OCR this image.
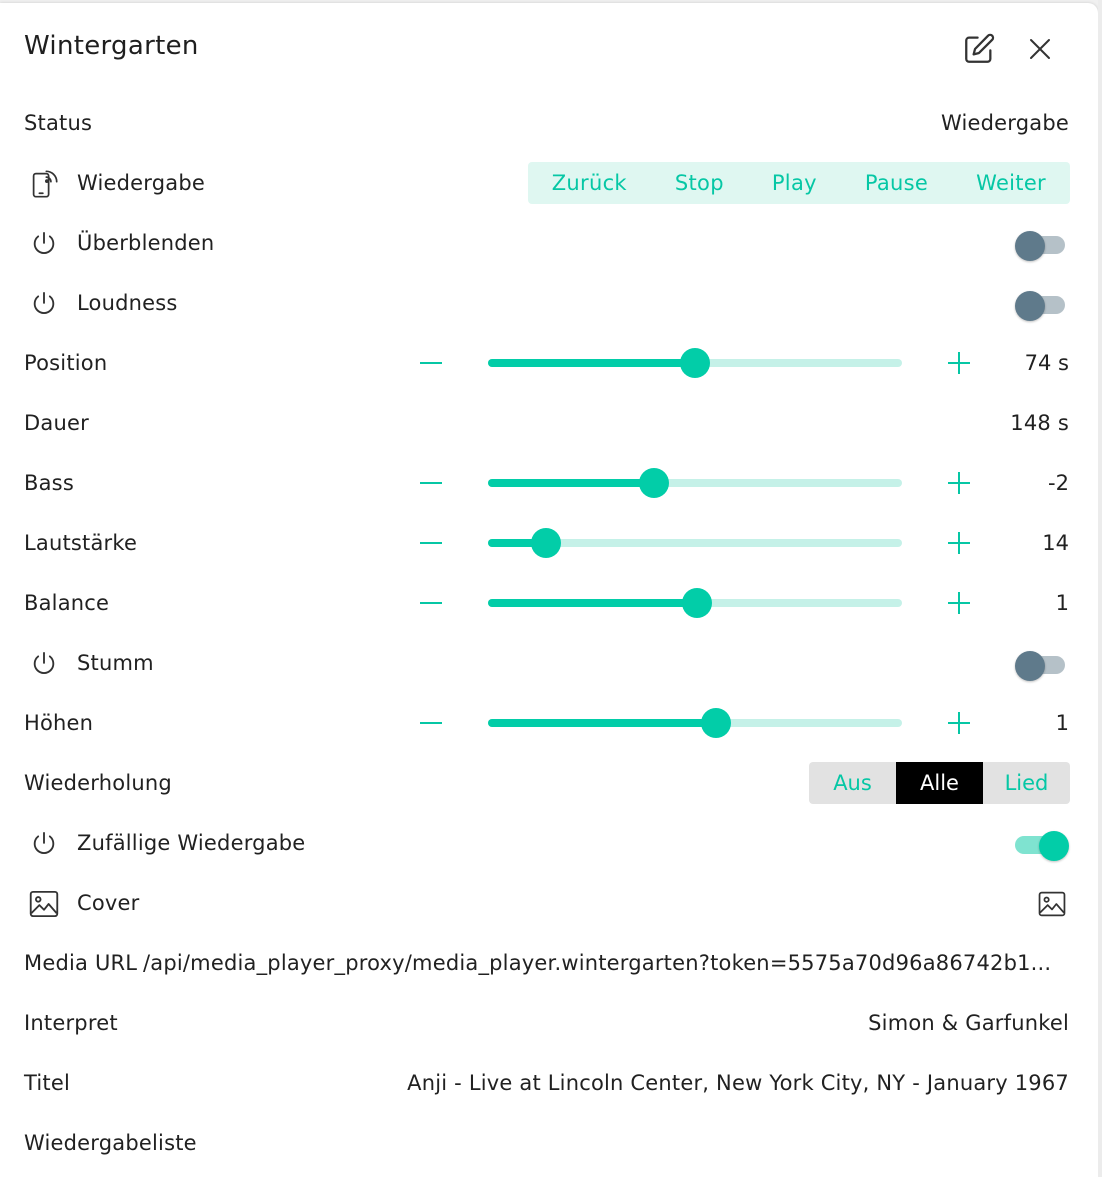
Wintergarten
Status	Wiedergabe
Wiedergabe	Zurück	Stop	Play	Pause	Weiter
Überblenden
Loudness
Position	74 s
Dauer	148 s
Bass	-2
Lautstärke	14
Balance	1
Stumm
Höhen	1
Wiederholung	Aus	Alle	Lied
Zufällige Wiedergabe
Cover
Media URL /api/media_player_proxy/media_player.wintergarten?token=5575a70d96a86742b1...
Interpret	Simon & Garfunkel
Titel	Anji - Live at Lincoln Center, New York City, NY - January 1967
Wiedergabeliste
